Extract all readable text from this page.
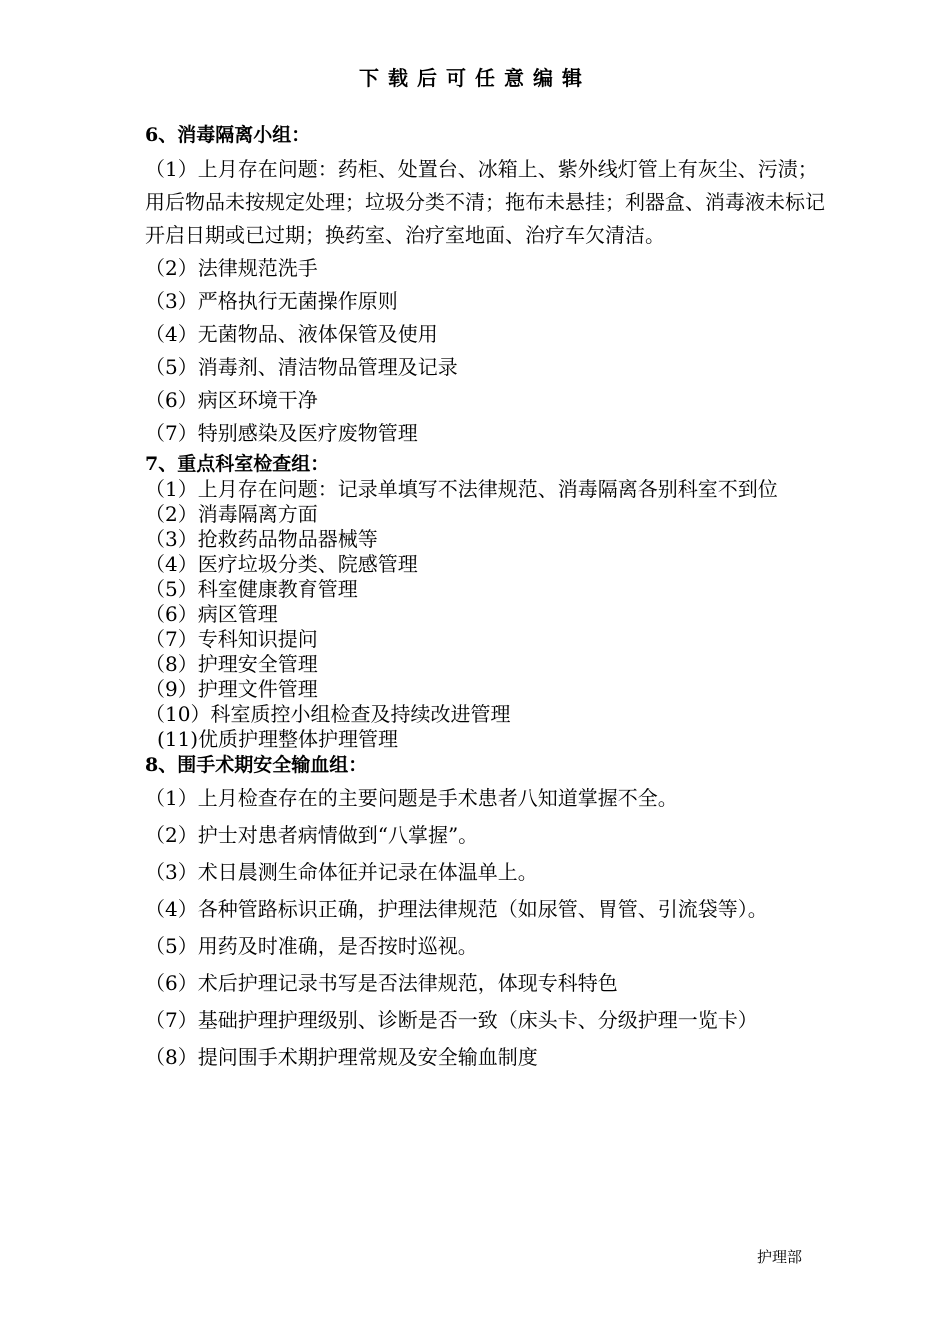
下载后可任意编辑
6、消毒隔离小组：
（1）上月存在问题：药柜、处置台、冰箱上、紫外线灯管上有灰尘、污渍；用后物品未按规定处理；垃圾分类不清；拖布未悬挂；利器盒、消毒液未标记开启日期或已过期；换药室、治疗室地面、治疗车欠清洁。
（2）法律规范洗手
（3）严格执行无菌操作原则
（4）无菌物品、液体保管及使用
（5）消毒剂、清洁物品管理及记录
（6）病区环境干净
（7）特别感染及医疗废物管理
7、重点科室检查组：
（1）上月存在问题：记录单填写不法律规范、消毒隔离各别科室不到位
（2）消毒隔离方面
（3）抢救药品物品器械等
（4）医疗垃圾分类、院感管理
（5）科室健康教育管理
（6）病区管理
（7）专科知识提问
（8）护理安全管理
（9）护理文件管理
（10）科室质控小组检查及持续改进管理
(11)优质护理整体护理管理
8、围手术期安全输血组：
（1）上月检查存在的主要问题是手术患者八知道掌握不全。
（2）护士对患者病情做到“八掌握”。
（3）术日晨测生命体征并记录在体温单上。
（4）各种管路标识正确，护理法律规范（如尿管、胃管、引流袋等）。
（5）用药及时准确，是否按时巡视。
（6）术后护理记录书写是否法律规范，体现专科特色
（7）基础护理护理级别、诊断是否一致（床头卡、分级护理一览卡）
（8）提问围手术期护理常规及安全输血制度
护理部
